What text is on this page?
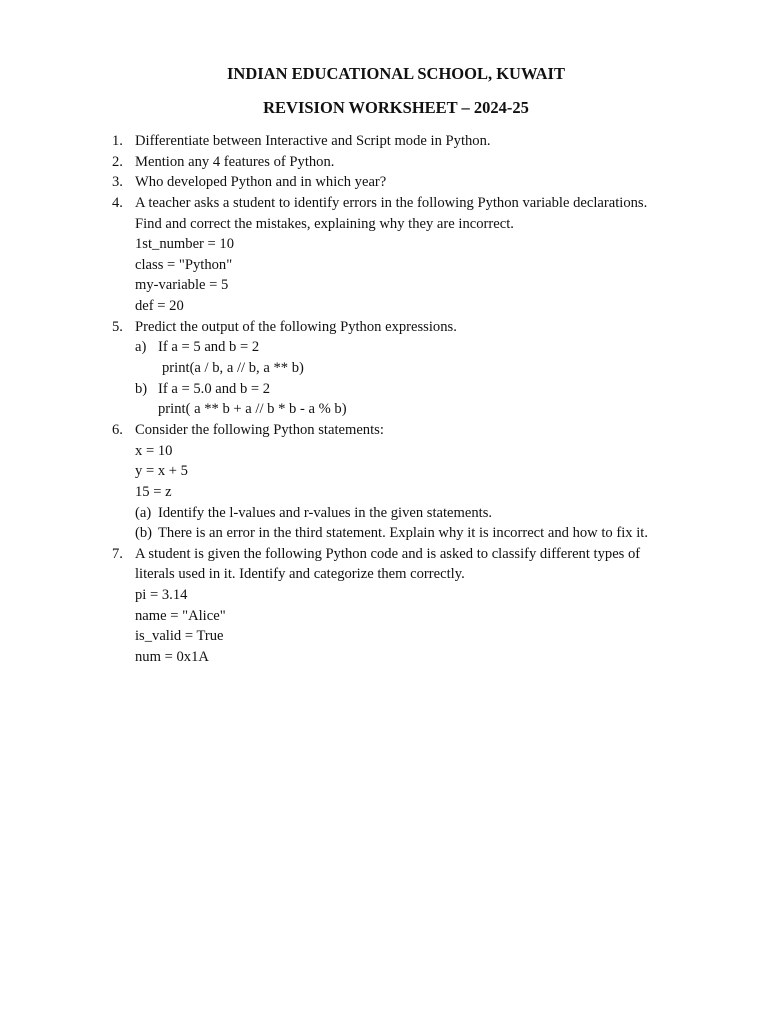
INDIAN EDUCATIONAL SCHOOL, KUWAIT
REVISION WORKSHEET – 2024-25
1. Differentiate between Interactive and Script mode in Python.
2. Mention any 4 features of Python.
3. Who developed Python and in which year?
4. A teacher asks a student to identify errors in the following Python variable declarations.
Find and correct the mistakes, explaining why they are incorrect.
1st_number = 10
class = "Python"
my-variable = 5
def = 20
5. Predict the output of the following Python expressions.
a) If a = 5 and b = 2
print(a / b, a // b, a ** b)
b) If a = 5.0 and b = 2
print( a ** b + a // b * b - a % b)
6. Consider the following Python statements:
x = 10
y = x + 5
15 = z
(a) Identify the l-values and r-values in the given statements.
(b) There is an error in the third statement. Explain why it is incorrect and how to fix it.
7. A student is given the following Python code and is asked to classify different types of
literals used in it. Identify and categorize them correctly.
pi = 3.14
name = "Alice"
is_valid = True
num = 0x1A
